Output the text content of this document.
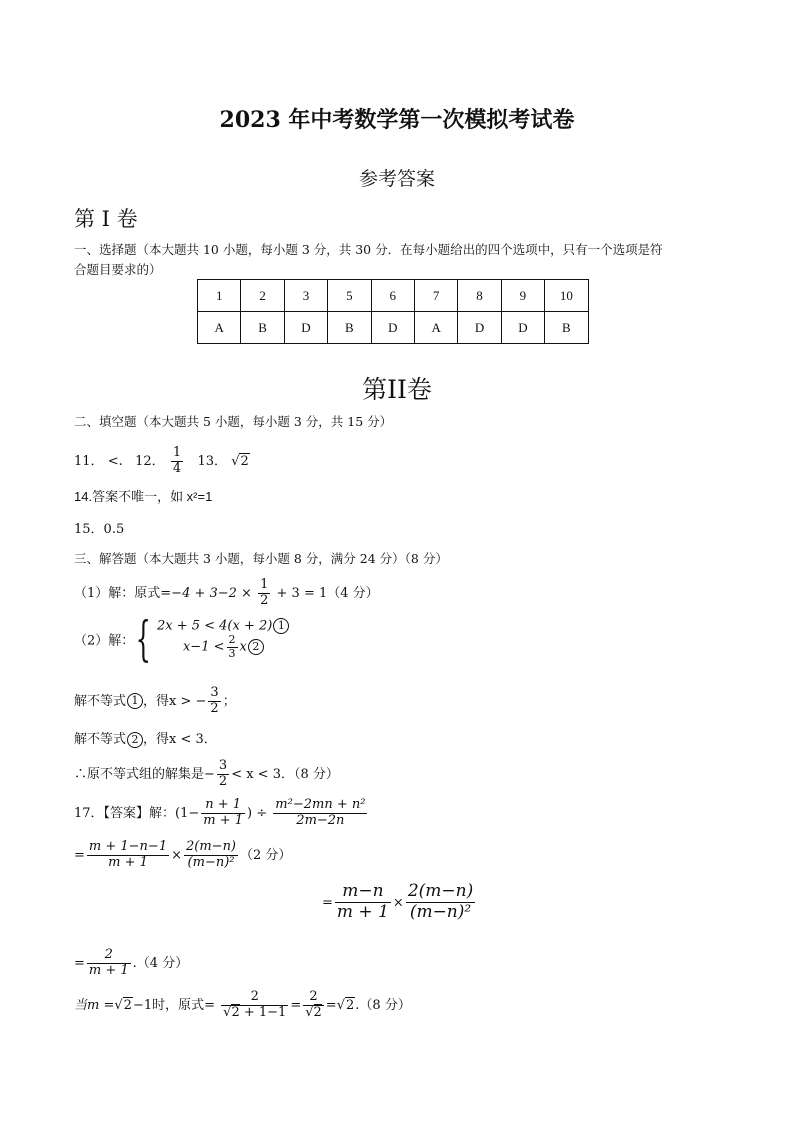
2023 年中考数学第一次模拟考试卷
参考答案
第 I 卷
一、选择题（本大题共 10 小题，每小题 3 分，共 30 分．在每小题给出的四个选项中，只有一个选项是符
合题目要求的）
1	2	3	5	6	7	8	9	10
A	B	D	B	D	A	D	D	B
第II卷
二、填空题（本大题共 5 小题，每小题 3 分，共 15 分）
11． <. 12． $\frac{1}{4} 13$． √2
14.答案不唯一，如 x²=1
15．0.5
三、解答题（本大题共 3 小题，每小题 8 分，满分 24 分）（8 分）
（1）解：原式$=-4 + 3-2 \times \frac{1}{2} + 3 = 1(4$ 分）
（2）解：{ 2x + 5 < 4(x + 2) 1
$x-1 < \frac{2}{3}$ x 2
解不等式 1 ，得x > − $\frac{3}{2}$ ；
解不等式 2 ，得x < 3．
∴原不等式组的解集是− $\frac{3}{2} < x < 3$．（8 分）
17．【答案】解：($1- \frac{n + 1}{m + 1}$ ) ÷ $\frac{\text{m²−2mn + n²}}{2m-2n}$
= $\frac{m + 1-n-1}{m + 1} \times \frac{2(m-n)}{\text{(m−n)²}} (2$ 分）
= $\frac{m-n}{m + 1} \times \frac{2(m-n)}{\text{(m−n)²}}$
= $\frac{2}{m + 1} .(4$ 分）
当m =√2−1时，原式= $\frac{2}{√2 + 1-1} = \frac{2}{√2} =√2.(8$ 分）
